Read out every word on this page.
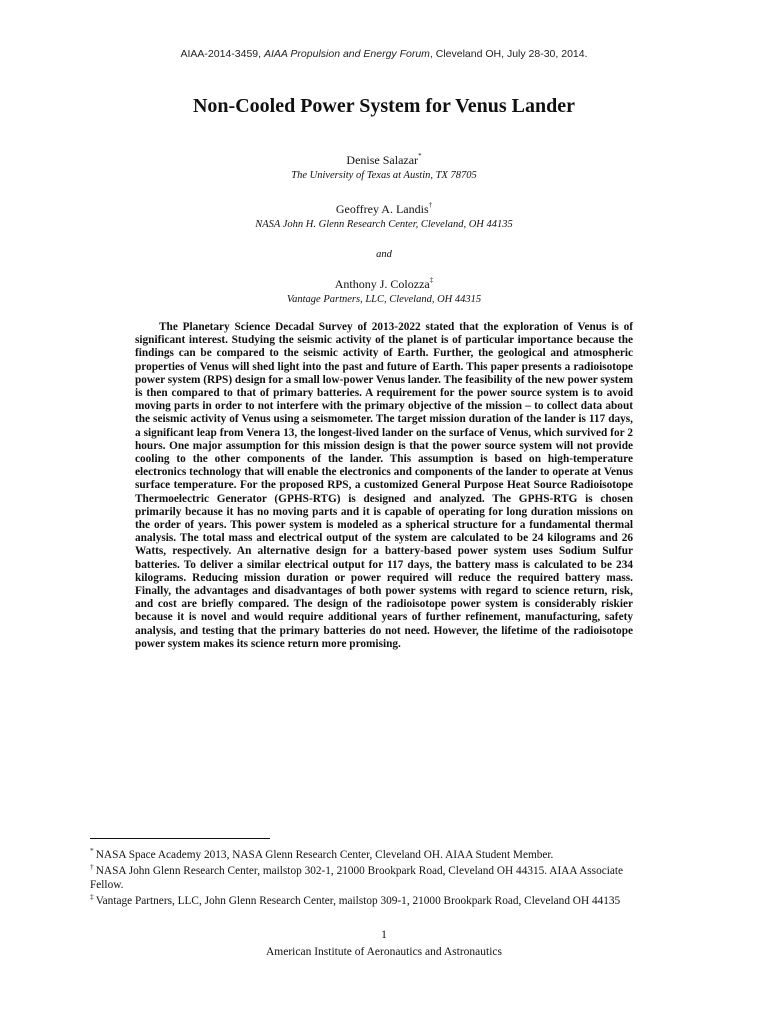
AIAA-2014-3459, AIAA Propulsion and Energy Forum, Cleveland OH, July 28-30, 2014.
Non-Cooled Power System for Venus Lander
Denise Salazar*
The University of Texas at Austin, TX 78705
Geoffrey A. Landis†
NASA John H. Glenn Research Center, Cleveland, OH 44135
and
Anthony J. Colozza‡
Vantage Partners, LLC, Cleveland, OH 44315

The Planetary Science Decadal Survey of 2013-2022 stated that the exploration of Venus is of significant interest. Studying the seismic activity of the planet is of particular importance because the findings can be compared to the seismic activity of Earth. Further, the geological and atmospheric properties of Venus will shed light into the past and future of Earth. This paper presents a radioisotope power system (RPS) design for a small low-power Venus lander. The feasibility of the new power system is then compared to that of primary batteries. A requirement for the power source system is to avoid moving parts in order to not interfere with the primary objective of the mission – to collect data about the seismic activity of Venus using a seismometer. The target mission duration of the lander is 117 days, a significant leap from Venera 13, the longest-lived lander on the surface of Venus, which survived for 2 hours. One major assumption for this mission design is that the power source system will not provide cooling to the other components of the lander. This assumption is based on high-temperature electronics technology that will enable the electronics and components of the lander to operate at Venus surface temperature. For the proposed RPS, a customized General Purpose Heat Source Radioisotope Thermoelectric Generator (GPHS-RTG) is designed and analyzed. The GPHS-RTG is chosen primarily because it has no moving parts and it is capable of operating for long duration missions on the order of years. This power system is modeled as a spherical structure for a fundamental thermal analysis. The total mass and electrical output of the system are calculated to be 24 kilograms and 26 Watts, respectively. An alternative design for a battery-based power system uses Sodium Sulfur batteries. To deliver a similar electrical output for 117 days, the battery mass is calculated to be 234 kilograms. Reducing mission duration or power required will reduce the required battery mass. Finally, the advantages and disadvantages of both power systems with regard to science return, risk, and cost are briefly compared. The design of the radioisotope power system is considerably riskier because it is novel and would require additional years of further refinement, manufacturing, safety analysis, and testing that the primary batteries do not need. However, the lifetime of the radioisotope power system makes its science return more promising.

* NASA Space Academy 2013, NASA Glenn Research Center, Cleveland OH. AIAA Student Member.

† NASA John Glenn Research Center, mailstop 302-1, 21000 Brookpark Road, Cleveland OH 44315. AIAA Associate Fellow.

‡ Vantage Partners, LLC, John Glenn Research Center, mailstop 309-1, 21000 Brookpark Road, Cleveland OH 44135

1
American Institute of Aeronautics and Astronautics
